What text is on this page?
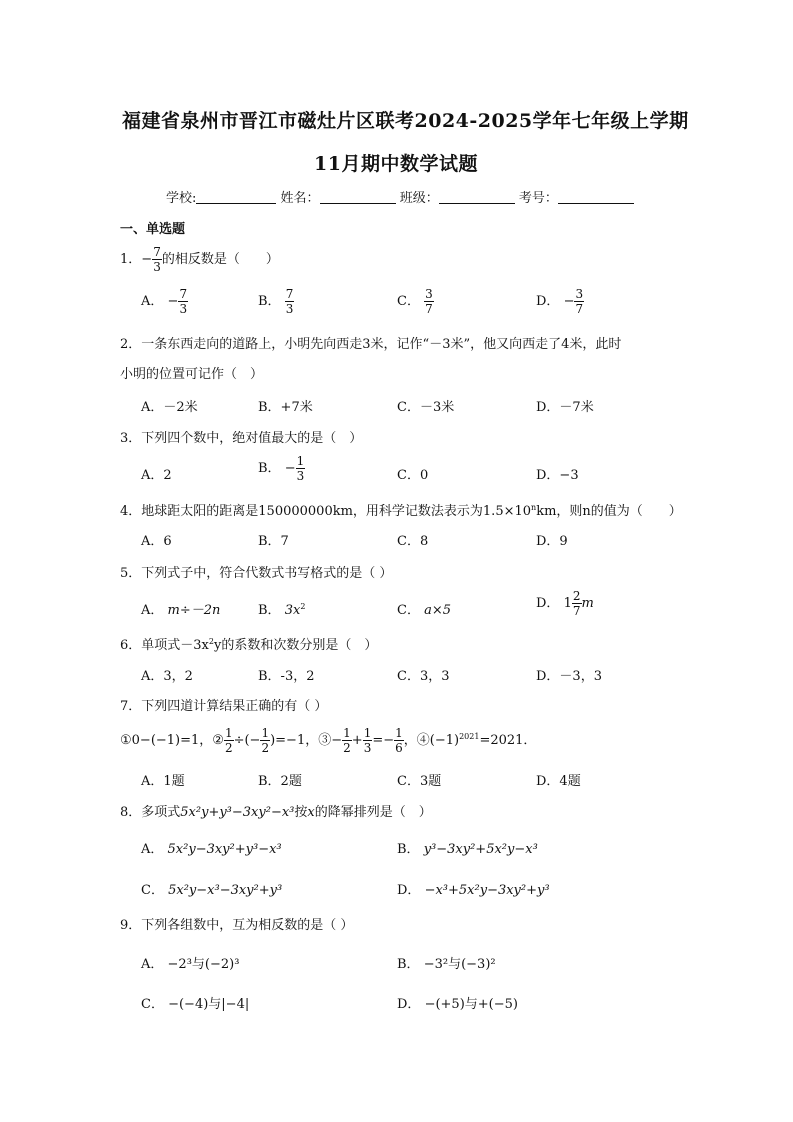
福建省泉州市晋江市磁灶片区联考2024-2025学年七年级上学期
11月期中数学试题
学校:	姓名：	班级：	考号：
一、单选题
1．− $\frac{7}{3}$ 的相反数是（　　）
A． − $\frac{7}{3}$	B． $\frac{7}{3}$	C． $\frac{3}{7}$	D． − $\frac{3}{7}$
2．一条东西走向的道路上，小明先向西走3米，记作“－3米”，他又向西走了4米，此时
小明的位置可记作（　）
A．－2米	B．+7米	C．－3米	D．－7米
3．下列四个数中，绝对值最大的是（　）
A．2	B． − $\frac{1}{3}$	C．0	D．−3
4．地球距太阳的距离是150000000km，用科学记数法表示为$1.5\times 10^nkm$，则n的值为（　　）
A．6	B．7	C．8	D．9
5．下列式子中，符合代数式书写格式的是（ ）
A． m÷－2n	B． $3x^2$	C． a×5	D． $1 \frac{2}{7}$ m
6．单项式$-3x^2y$的系数和次数分别是（　）
A．3，2	B．-3，2	C．3，3	D．－3，3
7．下列四道计算结果正确的有（ ）
①0−(−1)=1，② $\frac{1}{2}$ ÷(− $\frac{1}{2} )=-1$，③− $\frac{1}{2} + \frac{1}{3} =- \frac{1}{6}$ ，$④(-1)^{2021}=2021$．
A．1题	B．2题	C．3题	D．4题
8．多项式5x²y+y³−3xy²−x³按x的降幂排列是（　）
A． 5x²y−3xy²+y³−x³	B． y³−3xy²+5x²y−x³
C． 5x²y−x³−3xy²+y³	D． −x³+5x²y−3xy²+y³
9．下列各组数中，互为相反数的是（ ）
A． −2³与(−2)³	B． −3²与(−3)²
C． −(−4)与|−4|	D． −(+5)与+(−5)
